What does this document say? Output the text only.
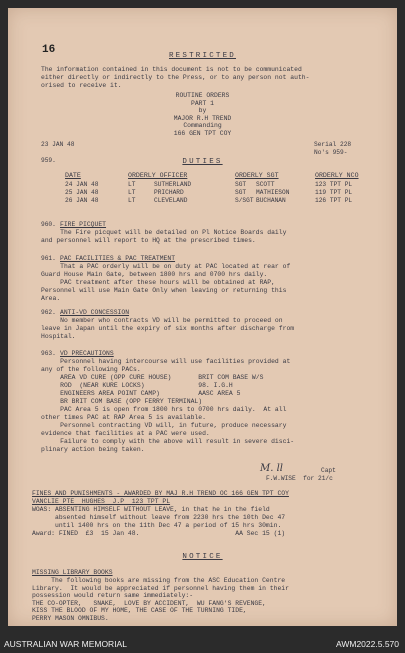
16	RESTRICTED
The information contained in this document is not to be communicated
either directly or indirectly to the Press, or to any person not auth-
orised to receive it.
ROUTINE ORDERS
PART 1
by
MAJOR R.H TREND
Commanding
166 GEN TPT COY
23 JAN 48	Serial 228
No's 959-
959.	DUTIES
DATE	ORDERLY OFFICER	ORDERLY SGT	ORDERLY NCO
24 JAN 48	LT	SUTHERLAND	SGT SCOTT	123 TPT PL
25 JAN 48	LT	PRICHARD	SGT MATHIESON	119 TPT PL
26 JAN 48	LT	CLEVELAND	S/SGT BUCHANAN	126 TPT PL
960. FIRE PICQUET
The Fire picquet will be detailed on Pl Notice Boards daily
and personnel will report to HQ at the prescribed times.
961. PAC FACILITIES & PAC TREATMENT
That a PAC orderly will be on duty at PAC located at rear of
Guard House Main Gate, between 1800 hrs and 0700 hrs daily.
PAC treatment after these hours will be obtained at RAP,
Personnel will use Main Gate Only when leaving or returning this
Area.
962. ANTI-VD CONCESSION
No member who contracts VD will be permitted to proceed on
leave in Japan until the expiry of six months after discharge from
Hospital.
963. VD PRECAUTIONS
Personnel having intercourse will use facilities provided at
any of the following PACs.
AREA VD CURE (OPP CURE HOUSE)       BRIT COM BASE W/S
ROD  (NEAR KURE LOCKS)              98. I.G.H
ENGINEERS AREA POINT CAMP)          AASC AREA 5
BR BRIT COM BASE (OPP FERRY TERMINAL)
PAC Area 5 is open from 1800 hrs to 0700 hrs daily.  At all
other times PAC at RAP Area 5 is available.
Personnel contracting VD will, in future, produce necessary
evidence that facilities at a PAC were used.
Failure to comply with the above will result in severe disci-
plinary action being taken.
M. ll	Capt
F.W.WISE  for 21/c
FINES AND PUNISHMENTS - AWARDED BY MAJ R.H TREND OC 166 GEN TPT COY
VANCLIE PTE  HUGHES  J.P  123 TPT PL
WOAS: ABSENTING HIMSELF WITHOUT LEAVE, in that he in the field
absented himself without leave from 2230 hrs the 10th Dec 47
until 1400 hrs on the 11th Dec 47 a period of 15 hrs 30min.
Award: FINED  £3  15 Jan 48.                         AA Sec 15 (1)
NOTICE
MISSING LIBRARY BOOKS
The following books are missing from the ASC Education Centre
Library.  It would be appreciated if personnel having them in their
possession would return same immediately:-
THE CO-OPTER,   SNAKE,  LOVE BY ACCIDENT,  WU FANG'S REVENGE,
KISS THE BLOOD OF MY HOME, THE CASE OF THE TURNING TIDE,
PERRY MASON OMNIBUS.
AUSTRALIAN WAR MEMORIAL	AWM2022.5.570
